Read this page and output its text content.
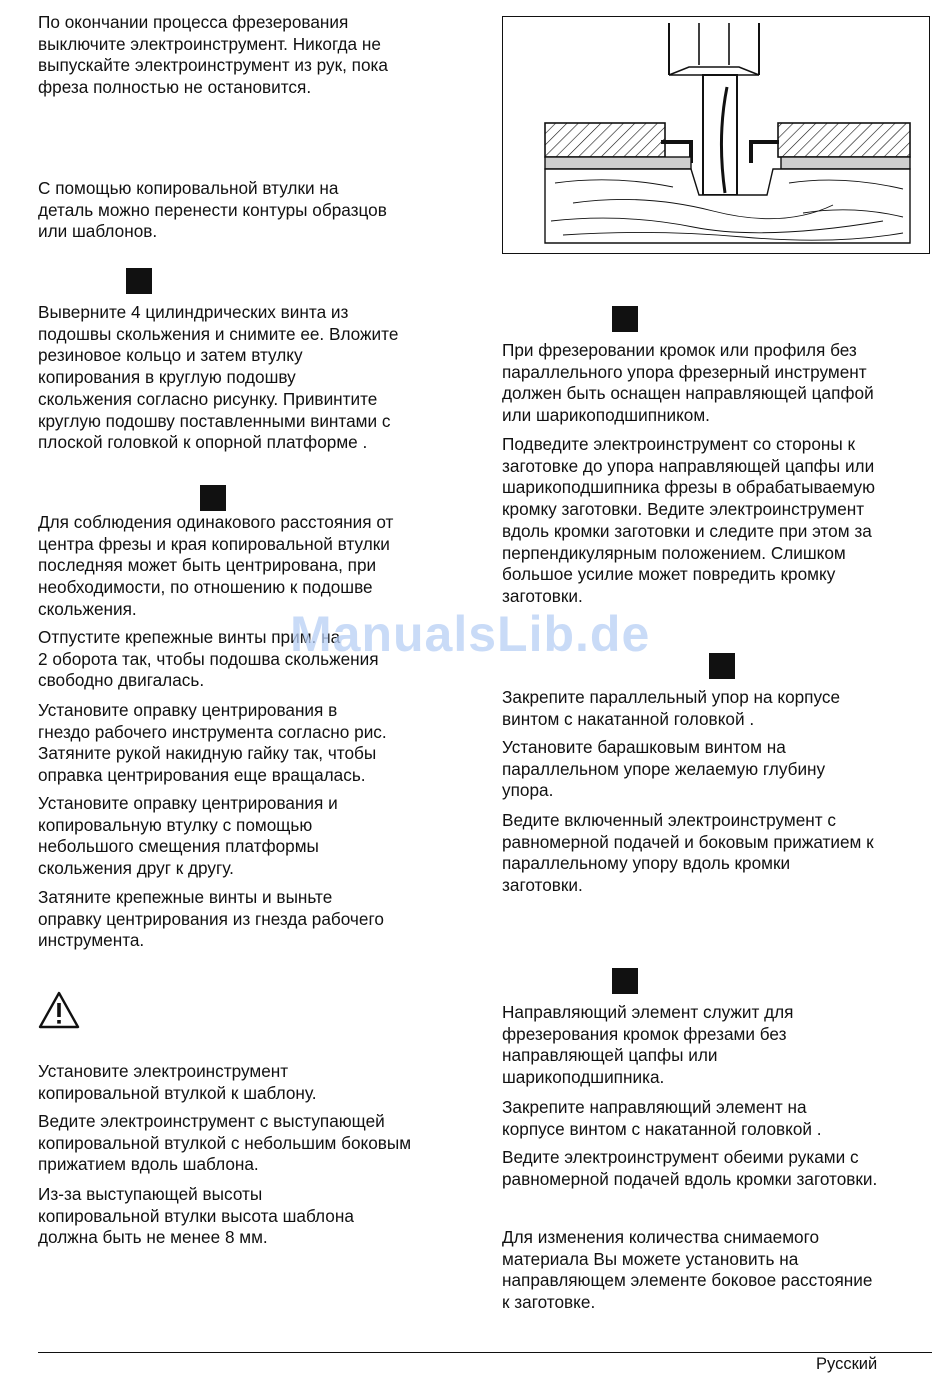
По окончании процесса фрезерования
выключите электроинструмент. Никогда не
выпускайте электроинструмент из рук, пока
фреза полностью не остановится.

С помощью копировальной втулки на
деталь можно перенести контуры образцов
или шаблонов.

Выверните 4 цилиндрических винта из
подошвы скольжения и снимите ее. Вложите
резиновое кольцо и затем втулку
копирования в круглую подошву
скольжения согласно рисунку. Привинтите
круглую подошву поставленными винтами с
плоской головкой к опорной платформе .

Для соблюдения одинакового расстояния от
центра фрезы и края копировальной втулки
последняя может быть центрирована, при
необходимости, по отношению к подошве
скольжения.

Отпустите крепежные винты прим. на
2 оборота так, чтобы подошва скольжения
свободно двигалась.

Установите оправку центрирования в
гнездо рабочего инструмента согласно рис.
Затяните рукой накидную гайку так, чтобы
оправка центрирования еще вращалась.

Установите оправку центрирования и
копировальную втулку с помощью
небольшого смещения платформы
скольжения друг к другу.

Затяните крепежные винты и выньте
оправку центрирования из гнезда рабочего
инструмента.

Установите электроинструмент
копировальной втулкой к шаблону.

Ведите электроинструмент с выступающей
копировальной втулкой с небольшим боковым
прижатием вдоль шаблона.

Из-за выступающей высоты
копировальной втулки высота шаблона
должна быть не менее 8 мм.

При фрезеровании кромок или профиля без
параллельного упора фрезерный инструмент
должен быть оснащен направляющей цапфой
или шарикоподшипником.

Подведите электроинструмент со стороны к
заготовке до упора направляющей цапфы или
шарикоподшипника фрезы в обрабатываемую
кромку заготовки. Ведите электроинструмент
вдоль кромки заготовки и следите при этом за
перпендикулярным положением. Слишком
большое усилие может повредить кромку
заготовки.

Закрепите параллельный упор на корпусе
винтом с накатанной головкой .

Установите барашковым винтом на
параллельном упоре желаемую глубину
упора.

Ведите включенный электроинструмент с
равномерной подачей и боковым прижатием к
параллельному упору вдоль кромки
заготовки.

Направляющий элемент служит для
фрезерования кромок фрезами без
направляющей цапфы или
шарикоподшипника.

Закрепите направляющий элемент на
корпусе винтом с накатанной головкой .

Ведите электроинструмент обеими руками с
равномерной подачей вдоль кромки заготовки.

Для изменения количества снимаемого
материала Вы можете установить на
направляющем элементе боковое расстояние
к заготовке.

ManualsLib.de
Русский
